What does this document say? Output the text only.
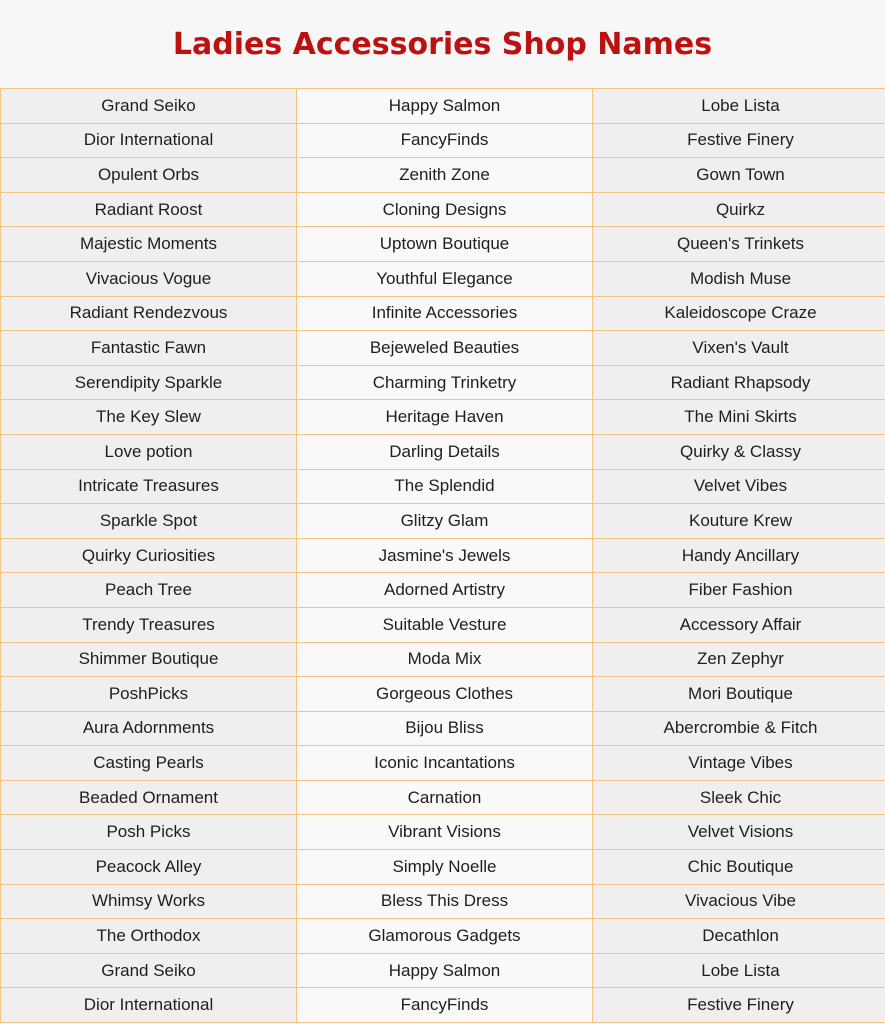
Ladies Accessories Shop Names
Grand Seiko	Happy Salmon	Lobe Lista
Dior International	FancyFinds	Festive Finery
Opulent Orbs	Zenith Zone	Gown Town
Radiant Roost	Cloning Designs	Quirkz
Majestic Moments	Uptown Boutique	Queen's Trinkets
Vivacious Vogue	Youthful Elegance	Modish Muse
Radiant Rendezvous	Infinite Accessories	Kaleidoscope Craze
Fantastic Fawn	Bejeweled Beauties	Vixen's Vault
Serendipity Sparkle	Charming Trinketry	Radiant Rhapsody
The Key Slew	Heritage Haven	The Mini Skirts
Love potion	Darling Details	Quirky & Classy
Intricate Treasures	The Splendid	Velvet Vibes
Sparkle Spot	Glitzy Glam	Kouture Krew
Quirky Curiosities	Jasmine's Jewels	Handy Ancillary
Peach Tree	Adorned Artistry	Fiber Fashion
Trendy Treasures	Suitable Vesture	Accessory Affair
Shimmer Boutique	Moda Mix	Zen Zephyr
PoshPicks	Gorgeous Clothes	Mori Boutique
Aura Adornments	Bijou Bliss	Abercrombie & Fitch
Casting Pearls	Iconic Incantations	Vintage Vibes
Beaded Ornament	Carnation	Sleek Chic
Posh Picks	Vibrant Visions	Velvet Visions
Peacock Alley	Simply Noelle	Chic Boutique
Whimsy Works	Bless This Dress	Vivacious Vibe
The Orthodox	Glamorous Gadgets	Decathlon
Grand Seiko	Happy Salmon	Lobe Lista
Dior International	FancyFinds	Festive Finery
